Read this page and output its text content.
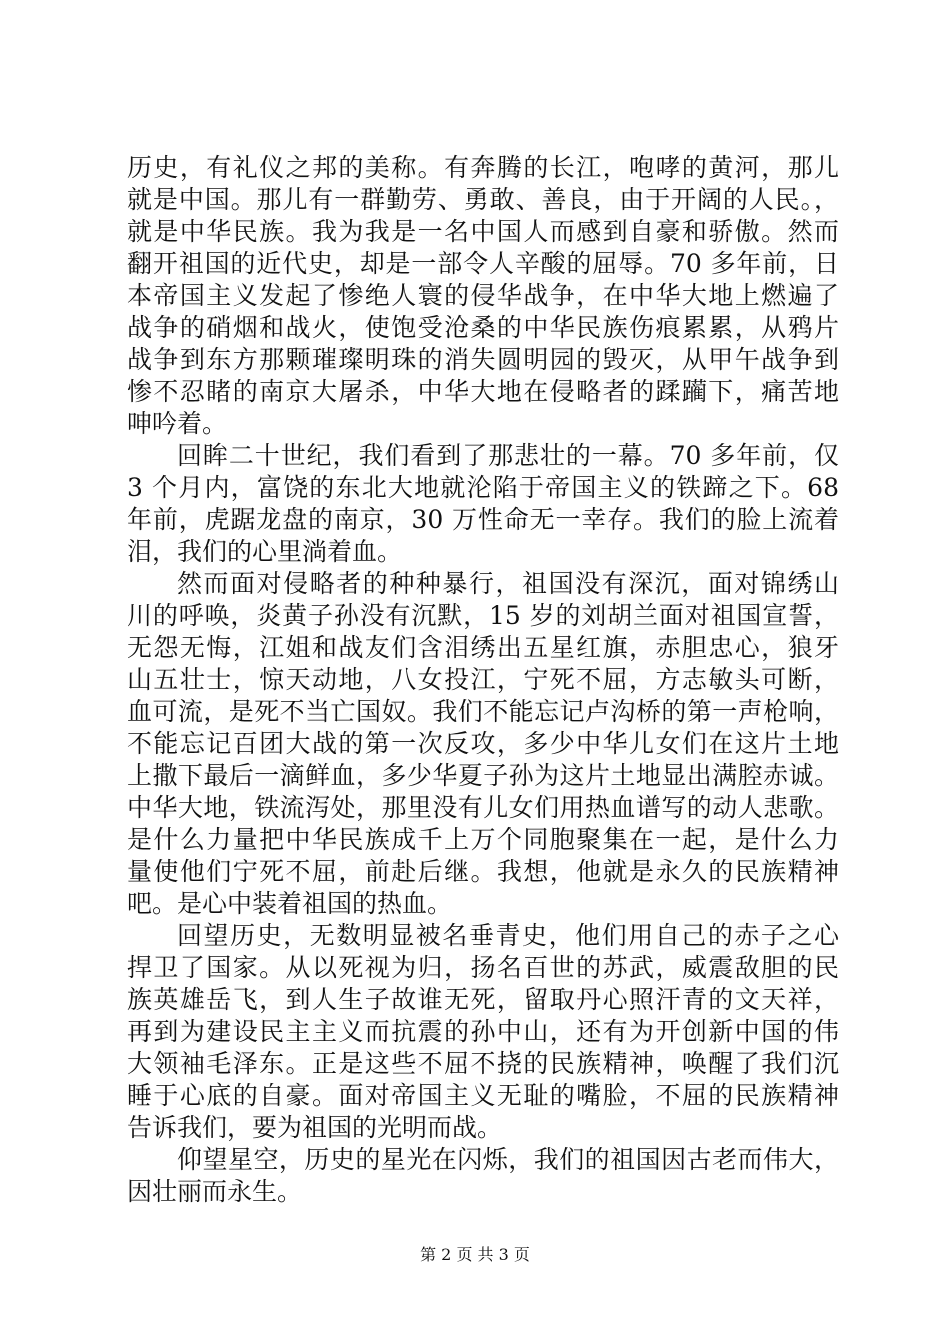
历史，有礼仪之邦的美称。有奔腾的长江，咆哮的黄河，那儿
就是中国。那儿有一群勤劳、勇敢、善良，由于开阔的人民。，
就是中华民族。我为我是一名中国人而感到自豪和骄傲。然而
翻开祖国的近代史，却是一部令人辛酸的屈辱。70 多年前，日
本帝国主义发起了惨绝人寰的侵华战争，在中华大地上燃遍了
战争的硝烟和战火，使饱受沧桑的中华民族伤痕累累，从鸦片
战争到东方那颗璀璨明珠的消失圆明园的毁灭，从甲午战争到
惨不忍睹的南京大屠杀，中华大地在侵略者的蹂躏下，痛苦地
呻吟着。
回眸二十世纪，我们看到了那悲壮的一幕。70 多年前，仅
3 个月内，富饶的东北大地就沦陷于帝国主义的铁蹄之下。68
年前，虎踞龙盘的南京，30 万性命无一幸存。我们的脸上流着
泪，我们的心里淌着血。
然而面对侵略者的种种暴行，祖国没有深沉，面对锦绣山
川的呼唤，炎黄子孙没有沉默，15 岁的刘胡兰面对祖国宣誓，
无怨无悔，江姐和战友们含泪绣出五星红旗，赤胆忠心，狼牙
山五壮士，惊天动地，八女投江，宁死不屈，方志敏头可断，
血可流，是死不当亡国奴。我们不能忘记卢沟桥的第一声枪响，
不能忘记百团大战的第一次反攻，多少中华儿女们在这片土地
上撒下最后一滴鲜血，多少华夏子孙为这片土地显出满腔赤诚。
中华大地，铁流泻处，那里没有儿女们用热血谱写的动人悲歌。
是什么力量把中华民族成千上万个同胞聚集在一起，是什么力
量使他们宁死不屈，前赴后继。我想，他就是永久的民族精神
吧。是心中装着祖国的热血。
回望历史，无数明显被名垂青史，他们用自己的赤子之心
捍卫了国家。从以死视为归，扬名百世的苏武，威震敌胆的民
族英雄岳飞，到人生子故谁无死，留取丹心照汗青的文天祥，
再到为建设民主主义而抗震的孙中山，还有为开创新中国的伟
大领袖毛泽东。正是这些不屈不挠的民族精神，唤醒了我们沉
睡于心底的自豪。面对帝国主义无耻的嘴脸，不屈的民族精神
告诉我们，要为祖国的光明而战。
仰望星空，历史的星光在闪烁，我们的祖国因古老而伟大，
因壮丽而永生。
第 2 页 共 3 页
